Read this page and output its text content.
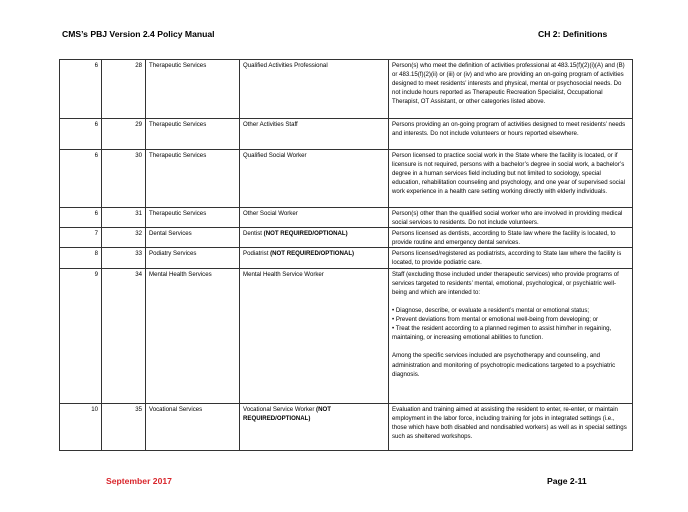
CMS’s PBJ Version 2.4 Policy Manual	CH 2: Definitions
6	28	Therapeutic Services	Qualified Activities Professional	Person(s) who meet the definition of activities professional at 483.15(f)(2)(i)(A) and (B) or 483.15(f)(2)(ii) or (iii) or (iv) and who are providing an on-going program of activities designed to meet residents’ interests and physical, mental or psychosocial needs. Do not include hours reported as Therapeutic Recreation Specialist, Occupational Therapist, OT Assistant, or other categories listed above.
6	29	Therapeutic Services	Other Activities Staff	Persons providing an on-going program of activities designed to meet residents’ needs and interests. Do not include volunteers or hours reported elsewhere.
6	30	Therapeutic Services	Qualified Social Worker	Person licensed to practice social work in the State where the facility is located, or if licensure is not required, persons with a bachelor’s degree in social work, a bachelor’s degree in a human services field including but not limited to sociology, special education, rehabilitation counseling and psychology, and one year of supervised social work experience in a health care setting working directly with elderly individuals.
6	31	Therapeutic Services	Other Social Worker	Person(s) other than the qualified social worker who are involved in providing medical social services to residents. Do not include volunteers.
7	32	Dental Services	Dentist (NOT REQUIRED/OPTIONAL)	Persons licensed as dentists, according to State law where the facility is located, to provide routine and emergency dental services.
8	33	Podiatry Services	Podiatrist (NOT REQUIRED/OPTIONAL)	Persons licensed/registered as podiatrists, according to State law where the facility is located, to provide podiatric care.
9	34	Mental Health Services	Mental Health Service Worker	Staff (excluding those included under therapeutic services) who provide programs of services targeted to residents’ mental, emotional, psychological, or psychiatric well-being and which are intended to:

• Diagnose, describe, or evaluate a resident’s mental or emotional status;
• Prevent deviations from mental or emotional well-being from developing; or
• Treat the resident according to a planned regimen to assist him/her in regaining, maintaining, or increasing emotional abilities to function.

Among the specific services included are psychotherapy and counseling, and administration and monitoring of psychotropic medications targeted to a psychiatric diagnosis.
10	35	Vocational Services	Vocational Service Worker (NOT REQUIRED/OPTIONAL)	Evaluation and training aimed at assisting the resident to enter, re-enter, or maintain employment in the labor force, including training for jobs in integrated settings (i.e., those which have both disabled and nondisabled workers) as well as in special settings such as sheltered workshops.
September 2017	Page 2-11
